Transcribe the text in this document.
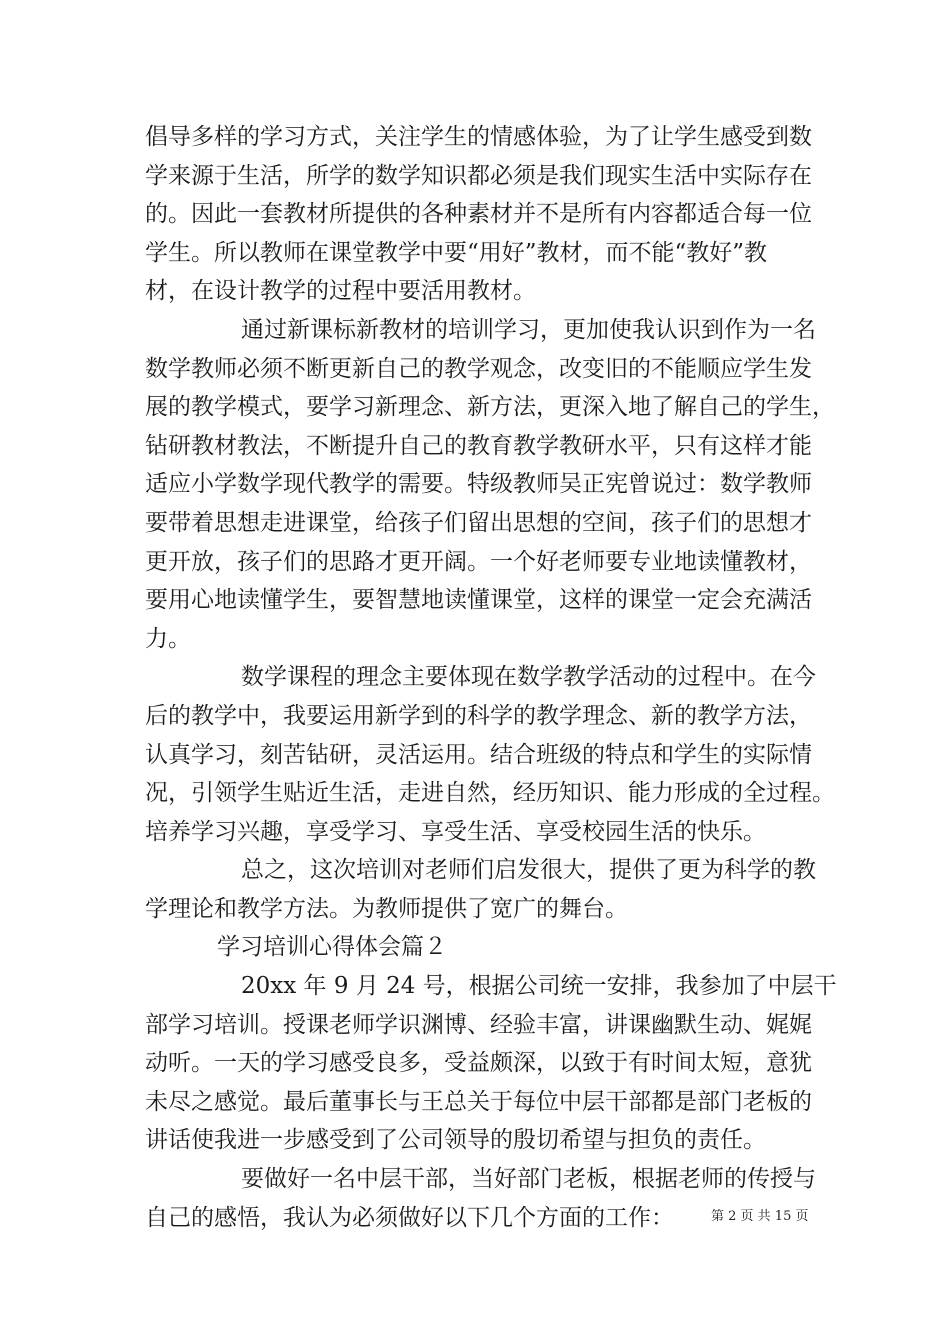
倡导多样的学习方式，关注学生的情感体验，为了让学生感受到数
学来源于生活，所学的数学知识都必须是我们现实生活中实际存在
的。因此一套教材所提供的各种素材并不是所有内容都适合每一位
学生。所以教师在课堂教学中要“用好”教材，而不能“教好”教
材，在设计教学的过程中要活用教材。
通过新课标新教材的培训学习，更加使我认识到作为一名
数学教师必须不断更新自己的教学观念，改变旧的不能顺应学生发
展的教学模式，要学习新理念、新方法，更深入地了解自己的学生，
钻研教材教法，不断提升自己的教育教学教研水平，只有这样才能
适应小学数学现代教学的需要。特级教师吴正宪曾说过：数学教师
要带着思想走进课堂，给孩子们留出思想的空间，孩子们的思想才
更开放，孩子们的思路才更开阔。一个好老师要专业地读懂教材，
要用心地读懂学生，要智慧地读懂课堂，这样的课堂一定会充满活
力。
数学课程的理念主要体现在数学教学活动的过程中。在今
后的教学中，我要运用新学到的科学的教学理念、新的教学方法，
认真学习，刻苦钻研，灵活运用。结合班级的特点和学生的实际情
况，引领学生贴近生活，走进自然，经历知识、能力形成的全过程。
培养学习兴趣，享受学习、享受生活、享受校园生活的快乐。
总之，这次培训对老师们启发很大，提供了更为科学的教
学理论和教学方法。为教师提供了宽广的舞台。
学习培训心得体会篇２
20xx 年 9 月 24 号，根据公司统一安排，我参加了中层干
部学习培训。授课老师学识渊博、经验丰富，讲课幽默生动、娓娓
动听。一天的学习感受良多，受益颇深，以致于有时间太短，意犹
未尽之感觉。最后董事长与王总关于每位中层干部都是部门老板的
讲话使我进一步感受到了公司领导的殷切希望与担负的责任。
要做好一名中层干部，当好部门老板，根据老师的传授与
自己的感悟，我认为必须做好以下几个方面的工作：	第 2 页 共 15 页
